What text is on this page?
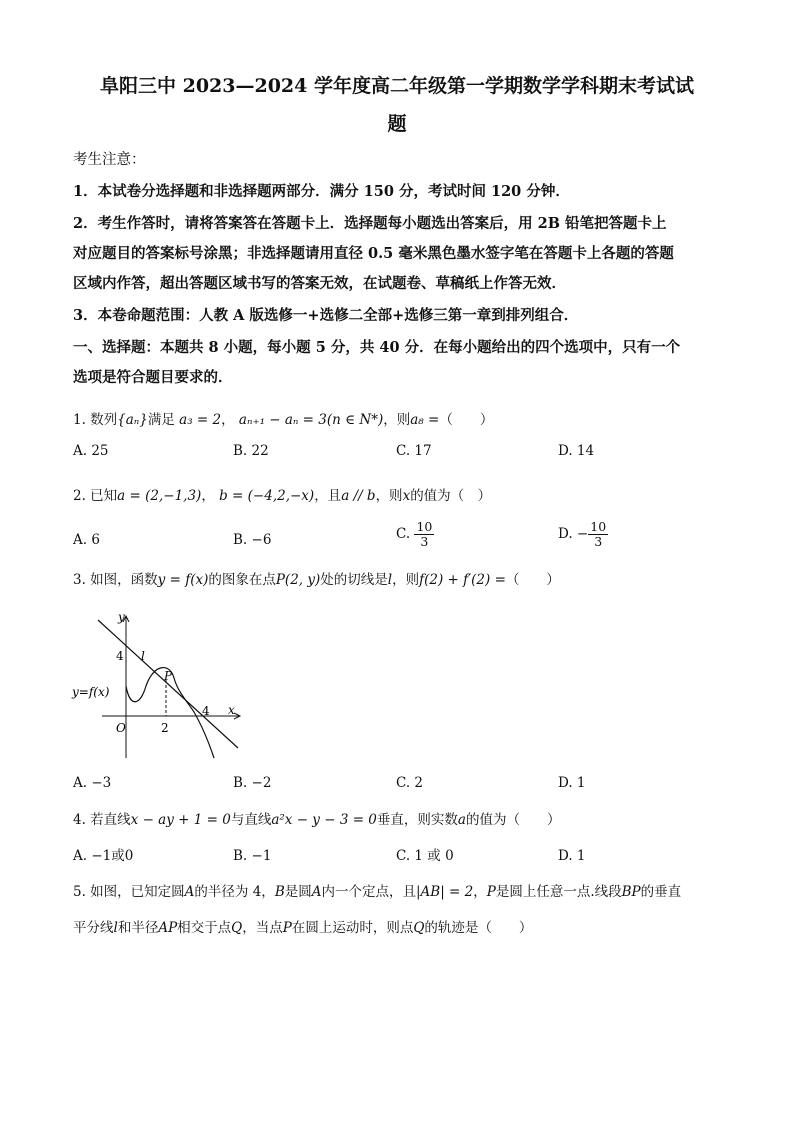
阜阳三中 2023—2024 学年度高二年级第一学期数学学科期末考试试
题
考生注意：
1．本试卷分选择题和非选择题两部分．满分 150 分，考试时间 120 分钟．
2．考生作答时，请将答案答在答题卡上．选择题每小题选出答案后，用 2B 铅笔把答题卡上
对应题目的答案标号涂黑；非选择题请用直径 0.5 毫米黑色墨水签字笔在答题卡上各题的答题
区域内作答，超出答题区域书写的答案无效，在试题卷、草稿纸上作答无效．
3．本卷命题范围：人教 A 版选修一+选修二全部+选修三第一章到排列组合．
一、选择题：本题共 8 小题，每小题 5 分，共 40 分．在每小题给出的四个选项中，只有一个
选项是符合题目要求的．
1. 数列{aₙ}满足 a₃ = 2， aₙ₊₁ − aₙ = 3(n ∈ N*)，则a₈ =（　　）
A. 25	B. 22	C. 17	D. 14
2. 已知a = (2,−1,3)， b = (−4,2,−x)，且a // b，则x的值为（　）
A. 6	B. −6	C. $\frac{10}{3}$	D. − $\frac{10}{3}$
3. 如图，函数y = f(x)的图象在点P(2, y)处的切线是l，则f(2) + f′(2) =（　　）
y
x
O
4
2
4
l
P
y=f(x)
A. −3	B. −2	C. 2	D. 1
4. 若直线x − ay + 1 = 0与直线a²x − y − 3 = 0垂直，则实数a的值为（　　）
A. −1或0	B. −1	C. 1 或 0	D. 1
5. 如图，已知定圆A的半径为 4，B是圆A内一个定点，且|AB| = 2，P是圆上任意一点.线段BP的垂直
平分线l和半径AP相交于点Q，当点P在圆上运动时，则点Q的轨迹是（　　）
